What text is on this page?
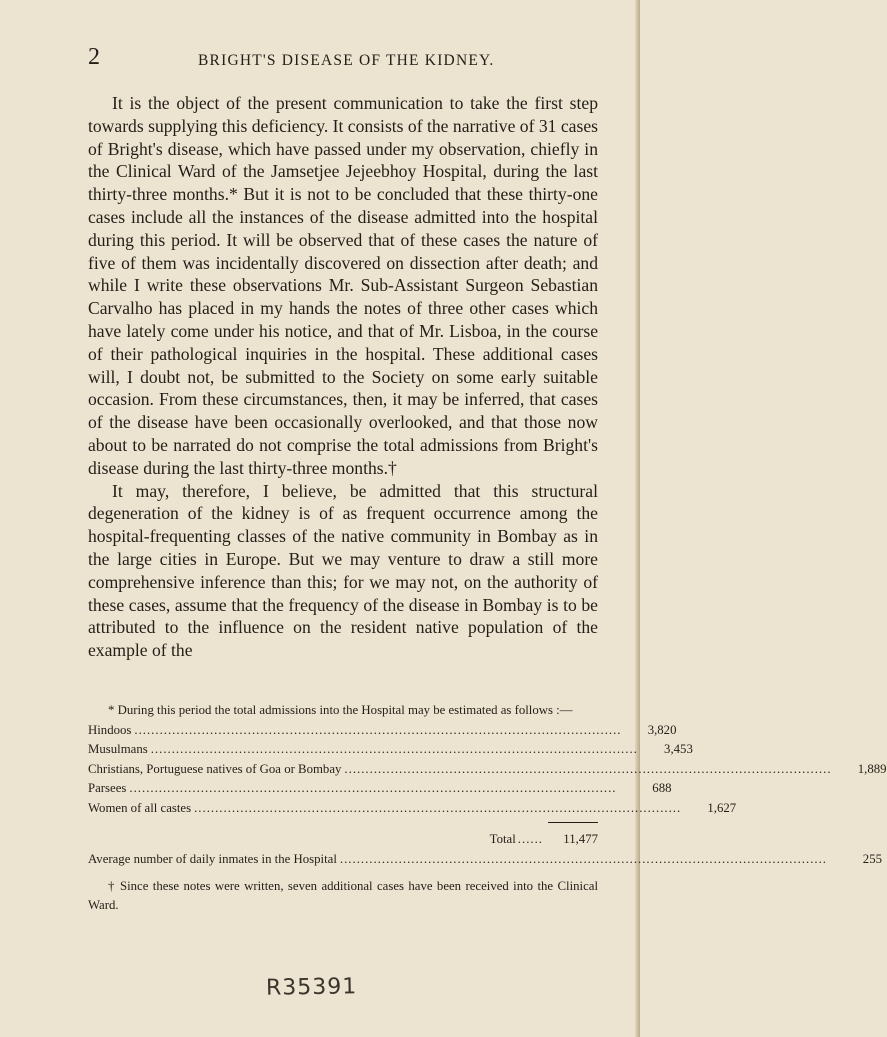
2	BRIGHT'S DISEASE OF THE KIDNEY.

It is the object of the present communication to take the first step towards supplying this deficiency. It consists of the narrative of 31 cases of Bright's disease, which have passed under my observation, chiefly in the Clinical Ward of the Jamsetjee Jejeebhoy Hospital, during the last thirty-three months.* But it is not to be concluded that these thirty-one cases include all the instances of the disease admitted into the hospital during this period. It will be observed that of these cases the nature of five of them was incidentally discovered on dissection after death; and while I write these observations Mr. Sub-Assistant Surgeon Sebastian Carvalho has placed in my hands the notes of three other cases which have lately come under his notice, and that of Mr. Lisboa, in the course of their pathological inquiries in the hospital. These additional cases will, I doubt not, be submitted to the Society on some early suitable occasion. From these circumstances, then, it may be inferred, that cases of the disease have been occasionally overlooked, and that those now about to be narrated do not comprise the total admissions from Bright's disease during the last thirty-three months.†

It may, therefore, I believe, be admitted that this structural degeneration of the kidney is of as frequent occurrence among the hospital-frequenting classes of the native community in Bombay as in the large cities in Europe. But we may venture to draw a still more comprehensive inference than this; for we may not, on the authority of these cases, assume that the frequency of the disease in Bombay is to be attributed to the influence on the resident native population of the example of the

* During this period the total admissions into the Hospital may be estimated as follows :—

Hindoos ....................................................................................................................	3,820
Musulmans ....................................................................................................................	3,453
Christians, Portuguese natives of Goa or Bombay ....................................................................................................................	1,889
Parsees ....................................................................................................................	688
Women of all castes ....................................................................................................................	1,627
Total ......	11,477
Average number of daily inmates in the Hospital ....................................................................................................................	255

† Since these notes were written, seven additional cases have been received into the Clinical Ward.

R35391
